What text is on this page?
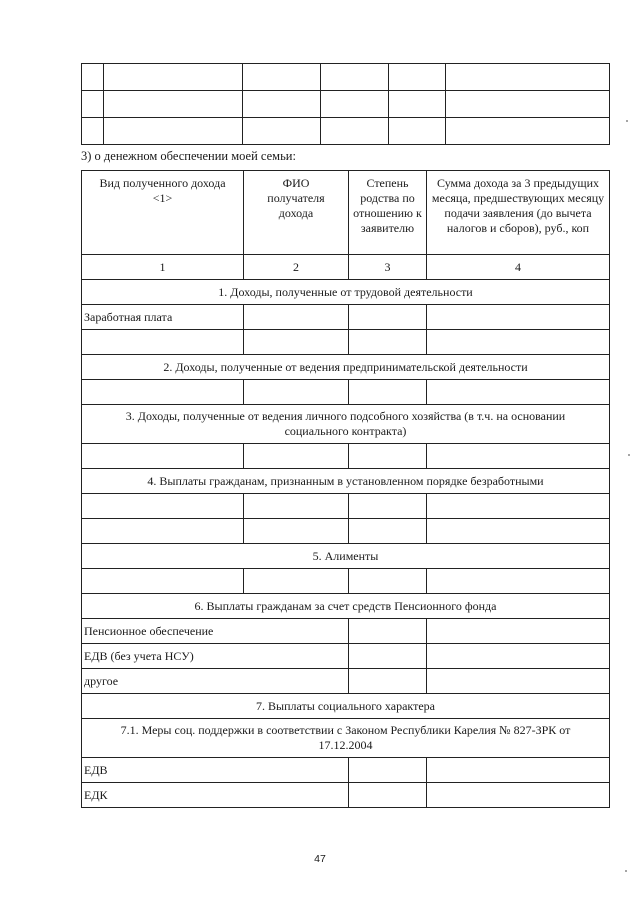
3) о денежном обеспечении моей семьи:
Вид полученного дохода <1>	ФИО получателя дохода	Степень родства по отношению к заявителю	Сумма дохода за 3 предыдущих месяца, предшествующих месяцу подачи заявления (до вычета налогов и сборов), руб., коп
1	2	3	4
1. Доходы, полученные от трудовой деятельности			
Заработная плата			

2. Доходы, полученные от ведения предпринимательской деятельности			

3. Доходы, полученные от ведения личного подсобного хозяйства (в т.ч. на основании социального контракта)			

4. Выплаты гражданам, признанным в установленном порядке безработными			

5. Алименты			

6. Выплаты гражданам за счет средств Пенсионного фонда			
Пенсионное обеспечение			
ЕДВ (без учета НСУ)			
другое			
7. Выплаты социального характера			
7.1. Меры соц. поддержки в соответствии с Законом Республики Карелия № 827-ЗРК от 17.12.2004			
ЕДВ			
ЕДК			
47
